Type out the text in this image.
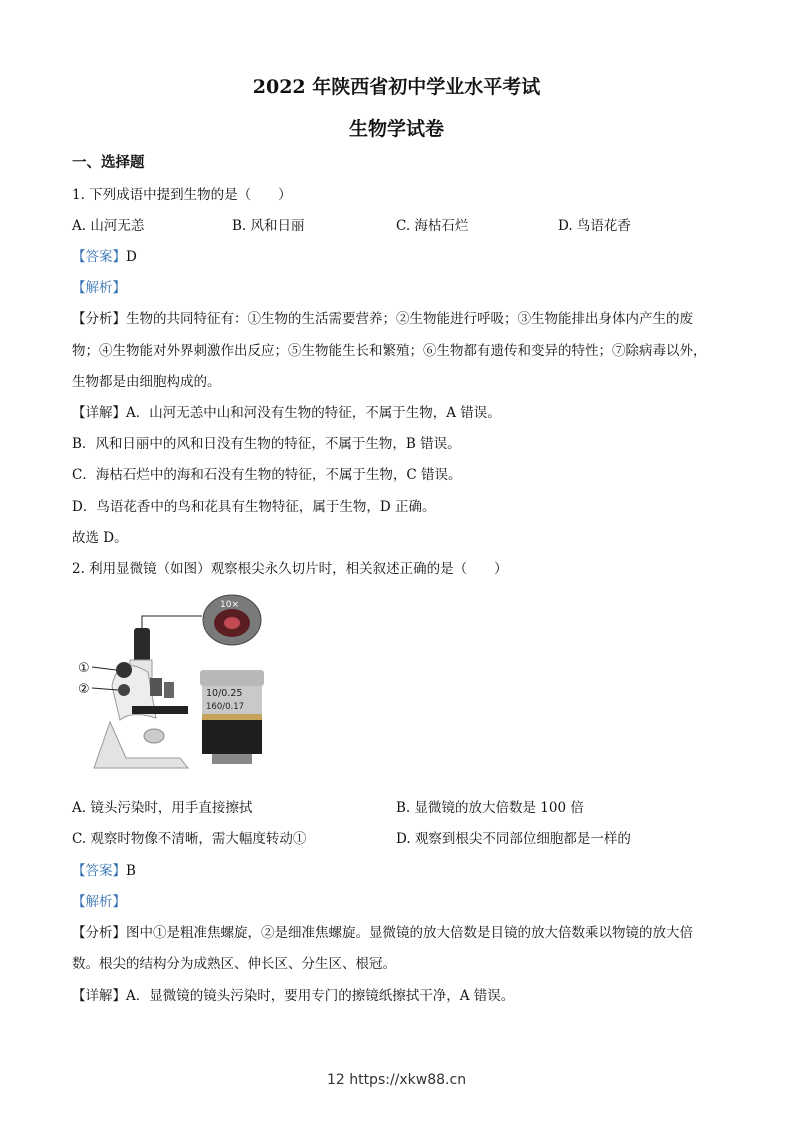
2022 年陕西省初中学业水平考试
生物学试卷
一、选择题
1. 下列成语中提到生物的是（　　）
A. 山河无恙	B. 风和日丽	C. 海枯石烂	D. 鸟语花香
【答案】D
【解析】
【分析】生物的共同特征有：①生物的生活需要营养；②生物能进行呼吸；③生物能排出身体内产生的废
物；④生物能对外界刺激作出反应；⑤生物能生长和繁殖；⑥生物都有遗传和变异的特性；⑦除病毒以外，
生物都是由细胞构成的。
【详解】A．山河无恙中山和河没有生物的特征，不属于生物，A 错误。
B．风和日丽中的风和日没有生物的特征，不属于生物，B 错误。
C．海枯石烂中的海和石没有生物的特征，不属于生物，C 错误。
D．鸟语花香中的鸟和花具有生物特征，属于生物，D 正确。
故选 D。
2. 利用显微镜（如图）观察根尖永久切片时，相关叙述正确的是（　　）
10×
①
②	10/0.25
160/0.17
A. 镜头污染时，用手直接擦拭	B. 显微镜的放大倍数是 100 倍
C. 观察时物像不清晰，需大幅度转动①	D. 观察到根尖不同部位细胞都是一样的
【答案】B
【解析】
【分析】图中①是粗准焦螺旋，②是细准焦螺旋。显微镜的放大倍数是目镜的放大倍数乘以物镜的放大倍
数。根尖的结构分为成熟区、伸长区、分生区、根冠。
【详解】A．显微镜的镜头污染时，要用专门的擦镜纸擦拭干净，A 错误。
12 https://xkw88.cn
